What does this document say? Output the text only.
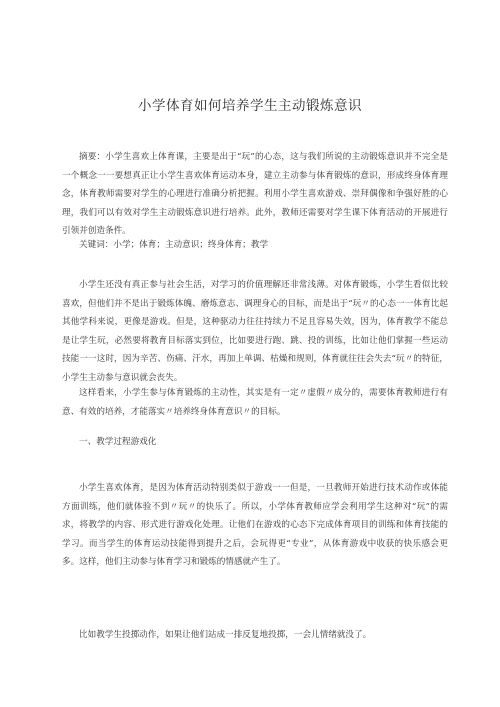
小学体育如何培养学生主动锻炼意识

摘要：小学生喜欢上体育课，主要是出于“玩”的心态，这与我们所说的主动锻炼意识并不完全是一个概念一一要想真正让小学生喜欢体育运动本身，建立主动参与体育锻炼的意识，形成终身体育理念，体育教师需要对学生的心理进行准确分析把握。利用小学生喜欢游戏、崇拜偶像和争强好胜的心理，我们可以有效对学生主动锻炼意识进行培养。此外，教师还需要对学生课下体育活动的开展进行引领并创造条件。

关键词：小学；体育；主动意识；终身体育；教学

小学生还没有真正参与社会生活，对学习的价值理解还非常浅薄。对体育锻炼，小学生看似比较喜欢，但他们并不是出于锻炼体魄、磨炼意志、调理身心的目标，而是出于“玩〃的心态一一体育比起其他学科来说，更像是游戏。但是，这种驱动力往往持续力不足且容易失效，因为，体育教学不能总是让学生玩，必然要将教育目标落实到位，比如要进行跑、跳、投的训练，比如让他们掌握一些运动技能一一这时，因为辛苦、伤痛、汗水，再加上单调、枯燥和规则，体育就往往会失去“玩〃的特征，小学生主动参与意识就会丧失。

这样看来，小学生参与体育锻炼的主动性，其实是有一定〃虚假〃成分的，需要体育教师进行有意、有效的培养，才能落实〃培养终身体育意识〃的目标。

一、教学过程游戏化

小学生喜欢体育，是因为体育活动特别类似于游戏一一但是，一旦教师开始进行技术动作或体能方面训练，他们就体验不到〃玩〃的快乐了。所以，小学体育教师应学会利用学生这种对“玩”的需求，将教学的内容、形式进行游戏化处理。让他们在游戏的心态下完成体育项目的训练和体育技能的学习。而当学生的体育运动技能得到提升之后，会玩得更“专业”，从体育游戏中收获的快乐感会更多。这样，他们主动参与体育学习和锻炼的情感就产生了。

比如教学生投掷动作，如果让他们站成一排反复地投掷，一会儿情绪就没了。
